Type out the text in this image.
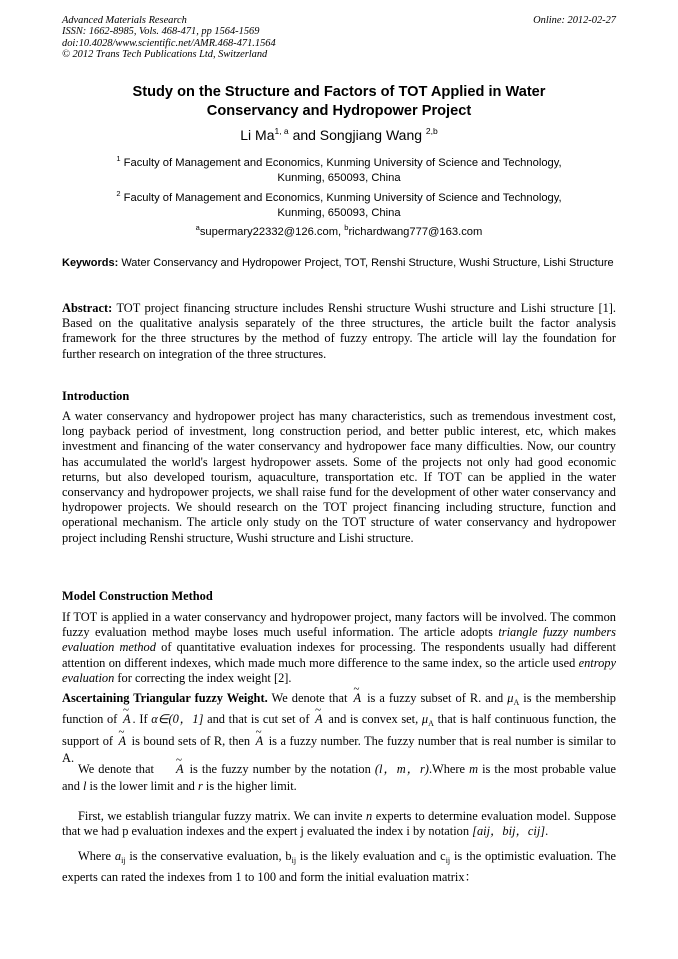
Advanced Materials Research
ISSN: 1662-8985, Vols. 468-471, pp 1564-1569
doi:10.4028/www.scientific.net/AMR.468-471.1564
© 2012 Trans Tech Publications Ltd, Switzerland
Online: 2012-02-27
Study on the Structure and Factors of TOT Applied in Water
Conservancy and Hydropower Project
Li Ma$^{1, a}$ and Songjiang Wang $^{2,b}$
$^1$ Faculty of Management and Economics, Kunming University of Science and Technology,
Kunming, 650093, China
$^2$ Faculty of Management and Economics, Kunming University of Science and Technology,
Kunming, 650093, China
$^a$supermary22332@126.com, $^b$richardwang777@163.com
Keywords: Water Conservancy and Hydropower Project, TOT, Renshi Structure, Wushi Structure, Lishi Structure
Abstract: TOT project financing structure includes Renshi structure Wushi structure and Lishi structure [1]. Based on the qualitative analysis separately of the three structures, the article built the factor analysis framework for the three structures by the method of fuzzy entropy. The article will lay the foundation for further research on integration of the three structures.
Introduction
A water conservancy and hydropower project has many characteristics, such as tremendous investment cost, long payback period of investment, long construction period, and better public interest, etc, which makes investment and financing of the water conservancy and hydropower face many difficulties. Now, our country has accumulated the world's largest hydropower assets. Some of the projects not only had good economic returns, but also developed tourism, aquaculture, transportation etc. If TOT can be applied in the water conservancy and hydropower projects, we shall raise fund for the development of other water conservancy and hydropower projects. We should research on the TOT project financing including structure, function and operational mechanism. The article only study on the TOT structure of water conservancy and hydropower project including Renshi structure, Wushi structure and Lishi structure.
Model Construction Method
If TOT is applied in a water conservancy and hydropower project, many factors will be involved. The common fuzzy evaluation method maybe loses much useful information. The article adopts triangle fuzzy numbers evaluation method of quantitative evaluation indexes for processing. The respondents usually had different attention on different indexes, which made much more difference to the same index, so the article used entropy evaluation for correcting the index weight [2].
Ascertaining Triangular fuzzy Weight. We denote that ~ A is a fuzzy subset of R. and $\mu_A$ is the membership function of ~ A . If α∈(0，1] and that is cut set of ~ A and is convex set, $\mu_A$ that is half continuous function, the support of ~ A is bound sets of R, then ~ A is a fuzzy number. The fuzzy number that is real number is similar to A.
We denote that ~ A is the fuzzy number by the notation (l，m，r).Where m is the most probable value and l is the lower limit and r is the higher limit.
First, we establish triangular fuzzy matrix. We can invite n experts to determine evaluation model. Suppose that we had p evaluation indexes and the expert j evaluated the index i by notation [aij，bij，cij].
Where $a_{ij}$ is the conservative evaluation, $b_{ij}$ is the likely evaluation and $c_{ij}$ is the optimistic evaluation. The experts can rated the indexes from 1 to 100 and form the initial evaluation matrix：
